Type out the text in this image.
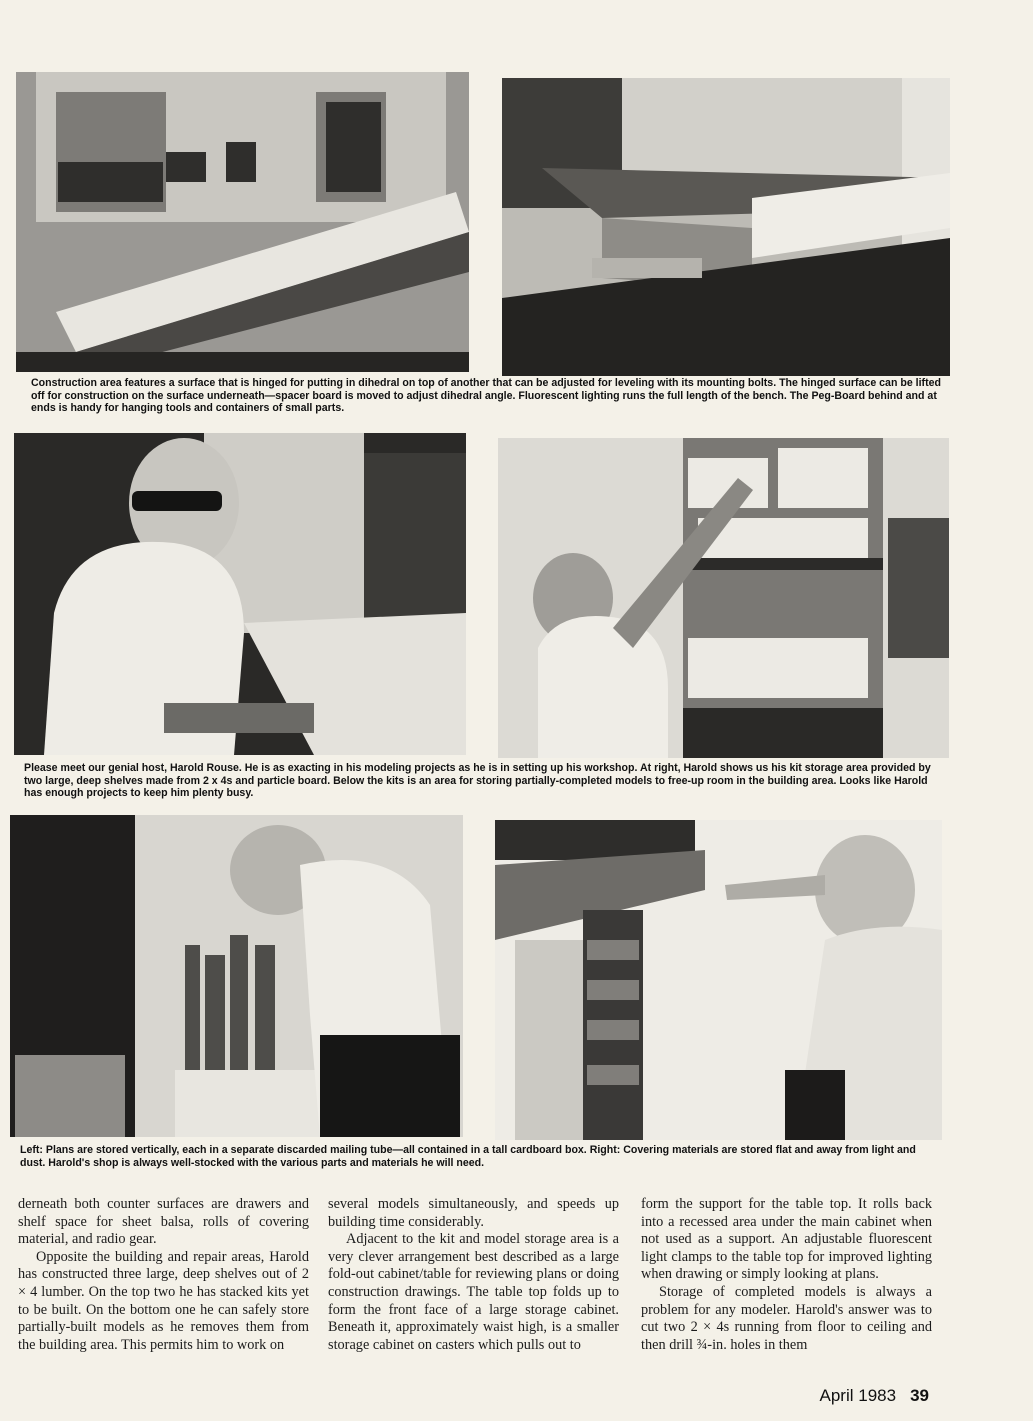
Construction area features a surface that is hinged for putting in dihedral on top of another that can be adjusted for leveling with its mounting bolts. The hinged surface can be lifted off for construction on the surface underneath—spacer board is moved to adjust dihedral angle. Fluorescent lighting runs the full length of the bench. The Peg-Board behind and at ends is handy for hanging tools and containers of small parts.
Please meet our genial host, Harold Rouse. He is as exacting in his modeling projects as he is in setting up his workshop. At right, Harold shows us his kit storage area provided by two large, deep shelves made from 2 x 4s and particle board. Below the kits is an area for storing partially-completed models to free-up room in the building area. Looks like Harold has enough projects to keep him plenty busy.
Left: Plans are stored vertically, each in a separate discarded mailing tube—all contained in a tall cardboard box. Right: Covering materials are stored flat and away from light and dust. Harold's shop is always well-stocked with the various parts and materials he will need.

derneath both counter surfaces are drawers and shelf space for sheet balsa, rolls of covering material, and radio gear.

Opposite the building and repair areas, Harold has constructed three large, deep shelves out of 2 × 4 lumber. On the top two he has stacked kits yet to be built. On the bottom one he can safely store partially-built models as he removes them from the building area. This permits him to work on

several models simultaneously, and speeds up building time considerably.

Adjacent to the kit and model storage area is a very clever arrangement best described as a large fold-out cabinet/table for reviewing plans or doing construction drawings. The table top folds up to form the front face of a large storage cabinet. Beneath it, approximately waist high, is a smaller storage cabinet on casters which pulls out to

form the support for the table top. It rolls back into a recessed area under the main cabinet when not used as a support. An adjustable fluorescent light clamps to the table top for improved lighting when drawing or simply looking at plans.

Storage of completed models is always a problem for any modeler. Harold's answer was to cut two 2 × 4s running from floor to ceiling and then drill ¾-in. holes in them

April 1983 39
